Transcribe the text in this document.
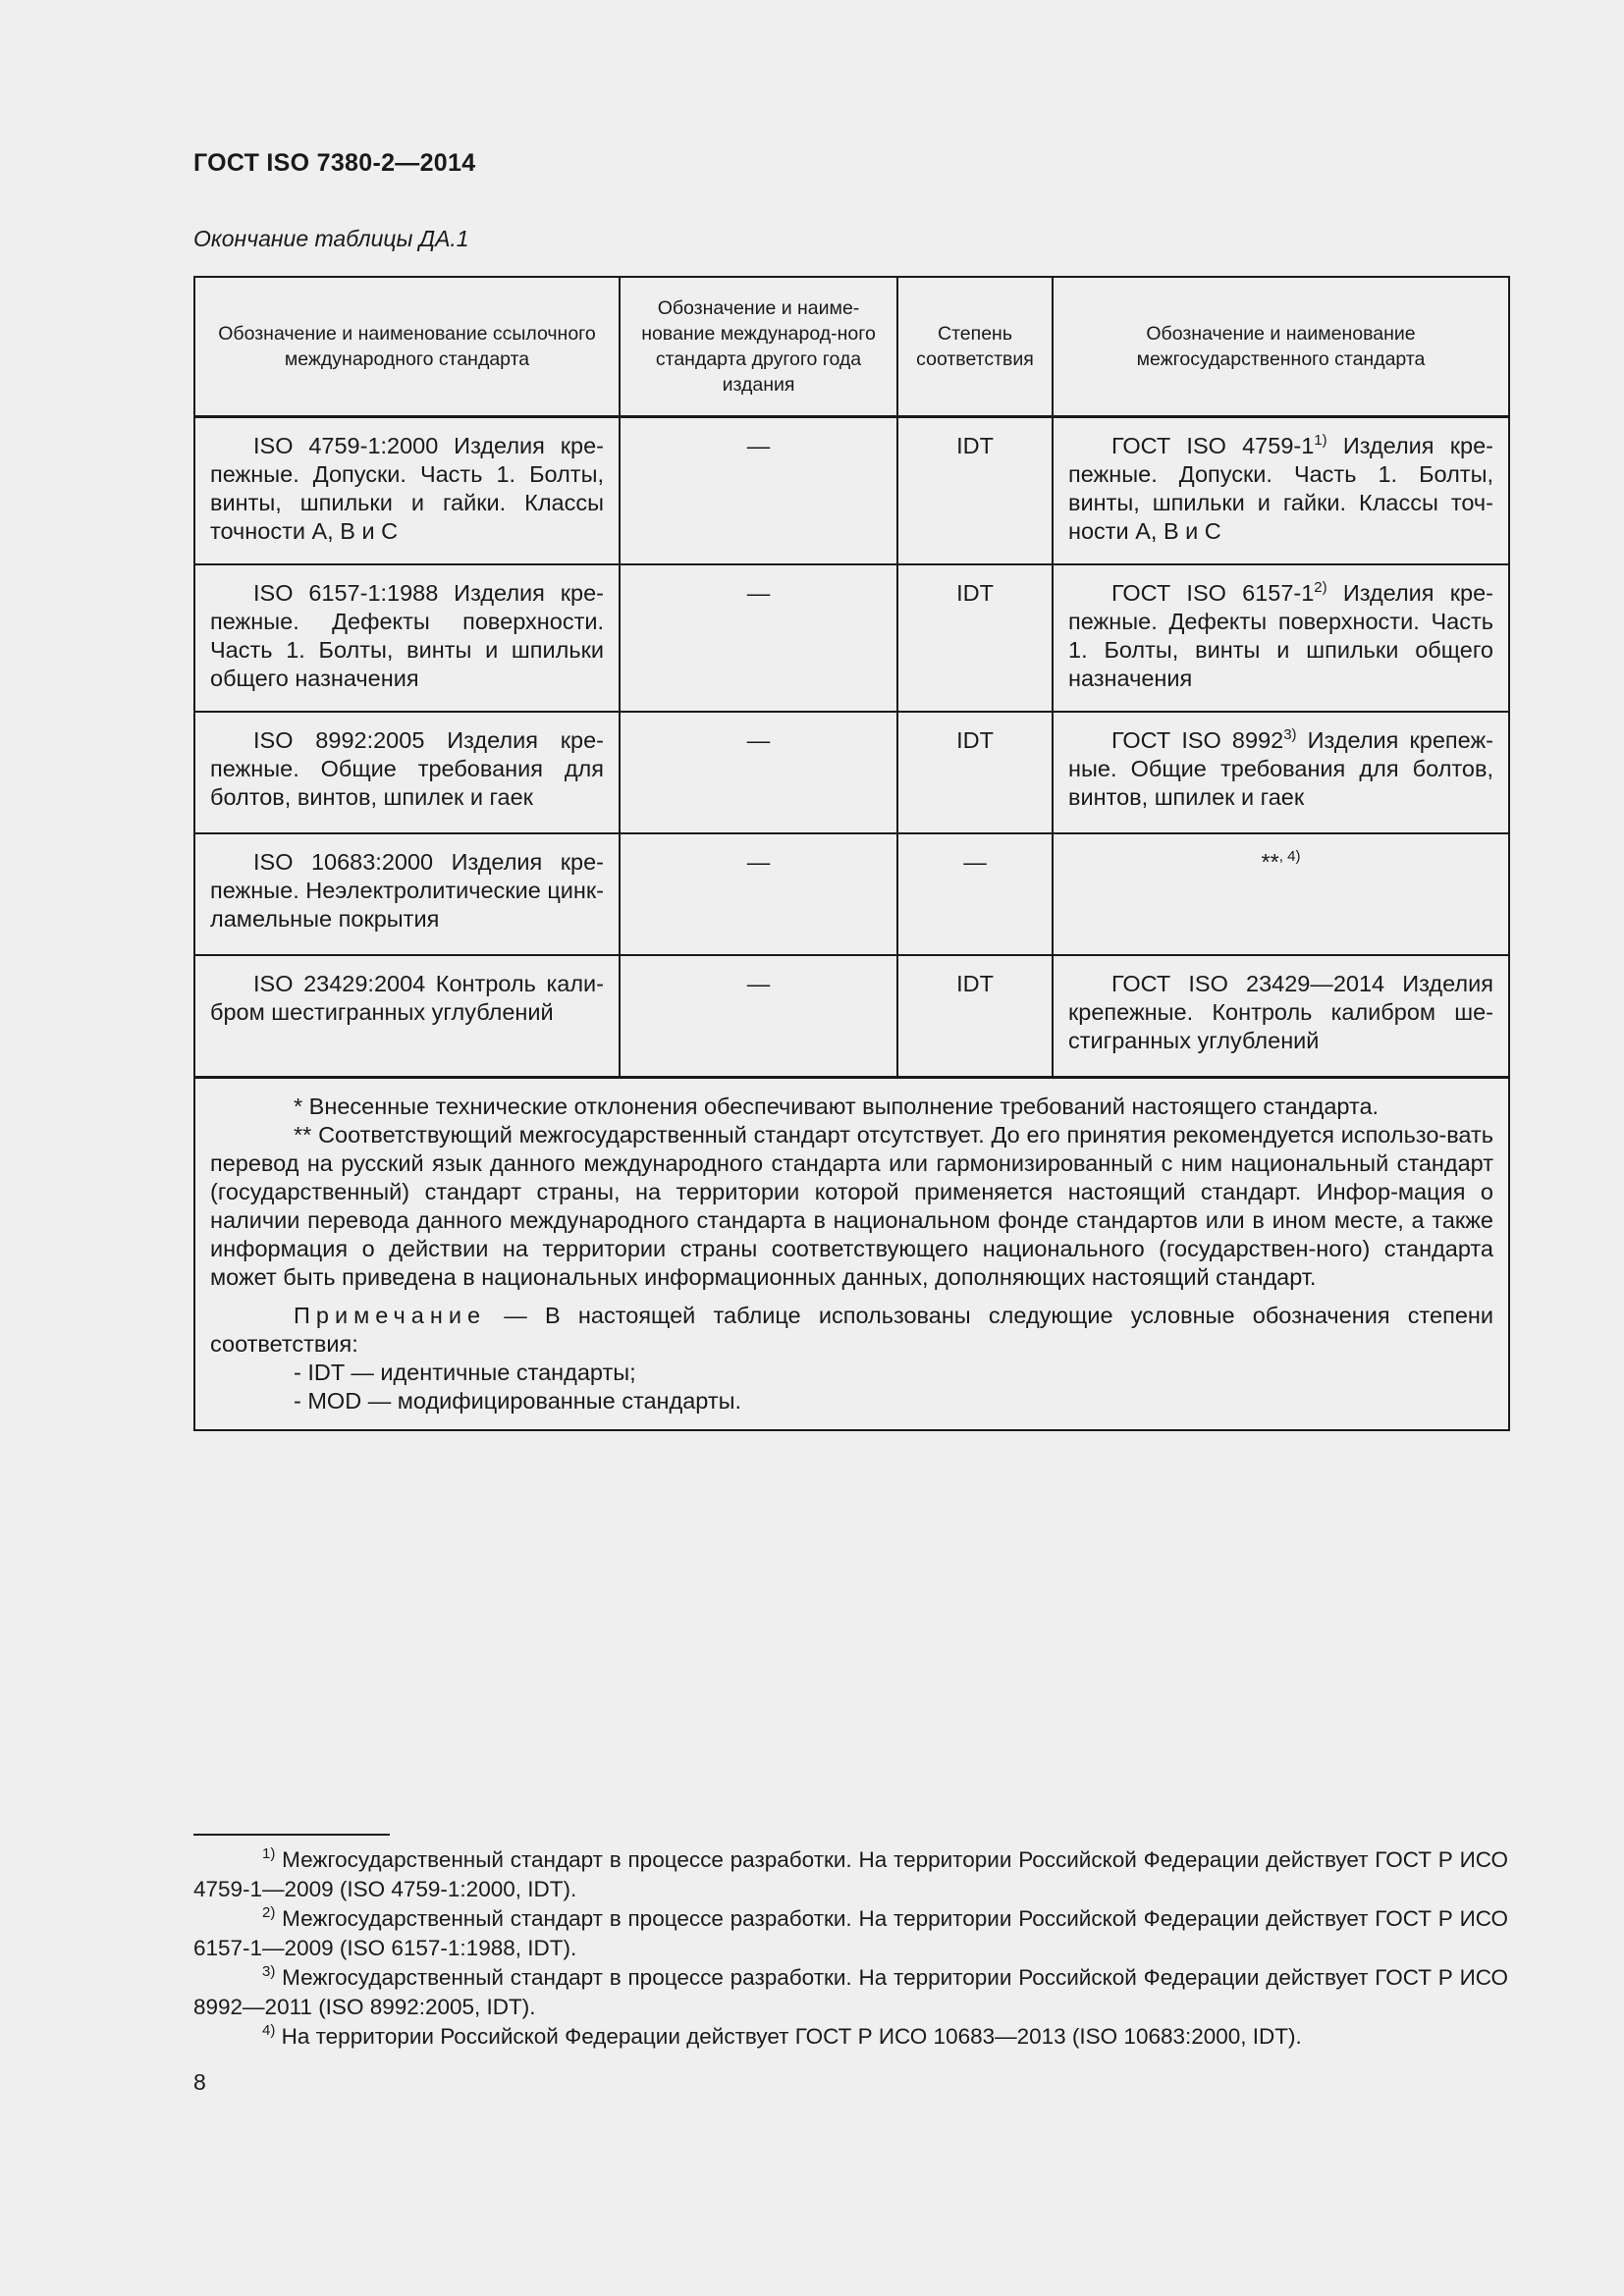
ГОСТ ISO 7380-2—2014
Окончание таблицы ДА.1
Обозначение и наименование ссылочного международного стандарта	Обозначение и наиме-нование международ-ного стандарта другого года издания	Степень соответствия	Обозначение и наименование межгосударственного стандарта
ISO 4759-1:2000 Изделия кре-пежные. Допуски. Часть 1. Болты, винты, шпильки и гайки. Классы точности А, В и С	—	IDT	ГОСТ ISO 4759-1$^{1)}$ Изделия кре-пежные. Допуски. Часть 1. Болты, винты, шпильки и гайки. Классы точ-ности А, В и С
ISO 6157-1:1988 Изделия кре-пежные. Дефекты поверхности. Часть 1. Болты, винты и шпильки общего назначения	—	IDT	ГОСТ ISO 6157-1$^{2)}$ Изделия кре-пежные. Дефекты поверхности. Часть 1. Болты, винты и шпильки общего назначения
ISO 8992:2005 Изделия кре-пежные. Общие требования для болтов, винтов, шпилек и гаек	—	IDT	ГОСТ ISO 8992$^{3)}$ Изделия крепеж-ные. Общие требования для болтов, винтов, шпилек и гаек
ISO 10683:2000 Изделия кре-пежные. Неэлектролитические цинк-ламельные покрытия	—	—	**$^{, 4)}$
ISO 23429:2004 Контроль кали-бром шестигранных углублений	—	IDT	ГОСТ ISO 23429—2014 Изделия крепежные. Контроль калибром ше-стигранных углублений

* Внесенные технические отклонения обеспечивают выполнение требований настоящего стандарта.

** Соответствующий межгосударственный стандарт отсутствует. До его принятия рекомендуется использо-вать перевод на русский язык данного международного стандарта или гармонизированный с ним национальный стандарт (государственный) стандарт страны, на территории которой применяется настоящий стандарт. Инфор-мация о наличии перевода данного международного стандарта в национальном фонде стандартов или в ином месте, а также информация о действии на территории страны соответствующего национального (государствен-ного) стандарта может быть приведена в национальных информационных данных, дополняющих настоящий стандарт.

Примечание — В настоящей таблице использованы следующие условные обозначения степени соответствия:

- IDT — идентичные стандарты;

- MOD — модифицированные стандарты.			

$^{1)}$ Межгосударственный стандарт в процессе разработки. На территории Российской Федерации действует ГОСТ Р ИСО 4759-1—2009 (ISO 4759-1:2000, IDT).

$^{2)}$ Межгосударственный стандарт в процессе разработки. На территории Российской Федерации действует ГОСТ Р ИСО 6157-1—2009 (ISO 6157-1:1988, IDT).

$^{3)}$ Межгосударственный стандарт в процессе разработки. На территории Российской Федерации действует ГОСТ Р ИСО 8992—2011 (ISO 8992:2005, IDT).

$^{4)}$ На территории Российской Федерации действует ГОСТ Р ИСО 10683—2013 (ISO 10683:2000, IDT).

8
